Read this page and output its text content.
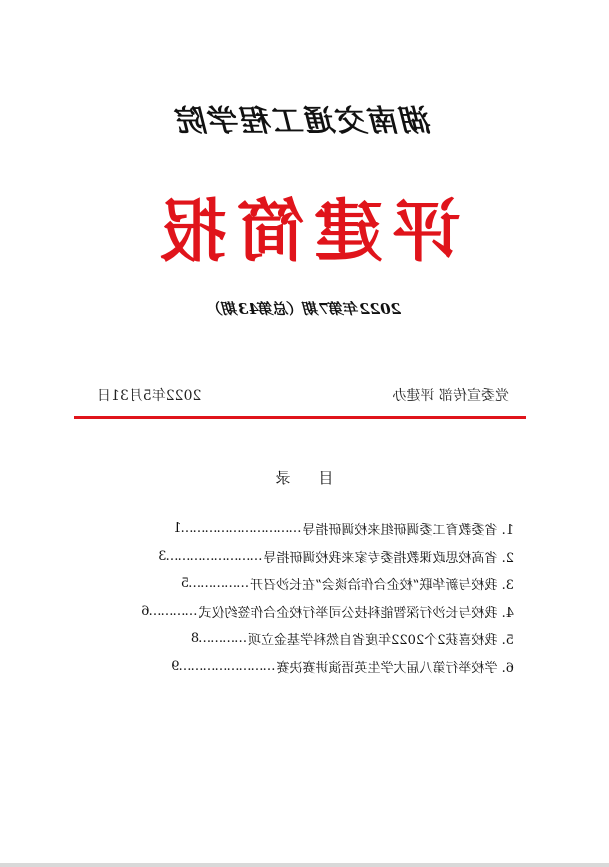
湖南交通工程学院
评建简报
2022年第7期（总第43期）
党委宣传部 评建办
2022年5月31日
目录
1. 省委教育工委调研组来校调研指导
…………………………
1
2. 省高校思政课教指委专家来我校调研指导
……………………
3
3. 我校与新华联“校企合作洽谈会”在长沙召开
……………
5
4. 我校与长沙行深智能科技公司举行校企合作签约仪式
…………
6
5. 我校喜获2个2022年度省自然科学基金立项
…………
8
6. 学校举行第八届大学生英语演讲赛决赛
……………………
9
